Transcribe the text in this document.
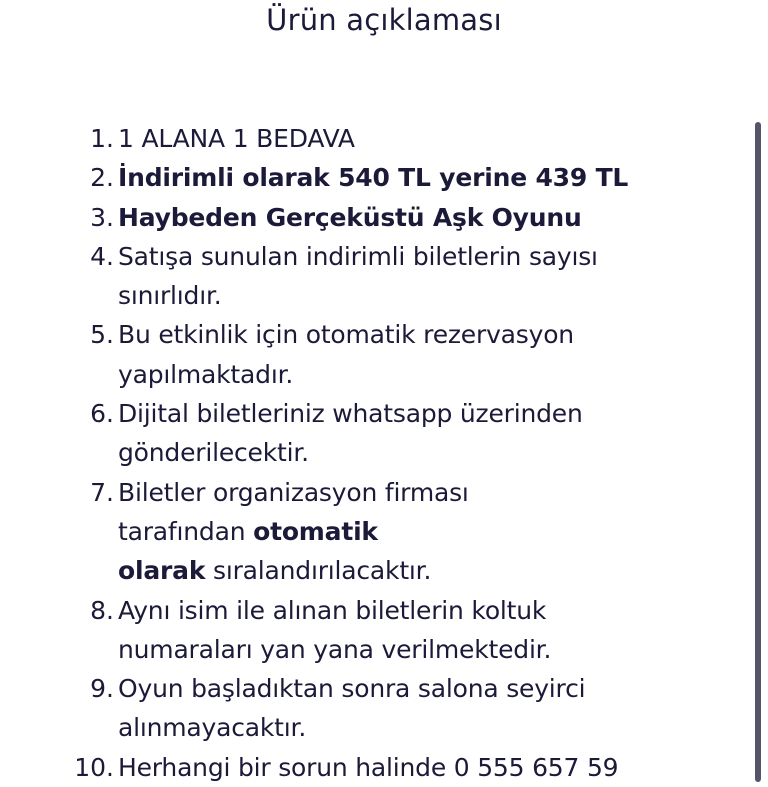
Ürün açıklaması
1. 1 ALANA 1 BEDAVA
2. İndirimli olarak 540 TL yerine 439 TL
3. Haybeden Gerçeküstü Aşk Oyunu
4. Satışa sunulan indirimli biletlerin sayısı
sınırlıdır.
5. Bu etkinlik için otomatik rezervasyon
yapılmaktadır.
6. Dijital biletleriniz whatsapp üzerinden
gönderilecektir.
7. Biletler organizasyon firması
tarafından otomatik
olarak sıralandırılacaktır.
8. Aynı isim ile alınan biletlerin koltuk
numaraları yan yana verilmektedir.
9. Oyun başladıktan sonra salona seyirci
alınmayacaktır.
10. Herhangi bir sorun halinde 0 555 657 59
